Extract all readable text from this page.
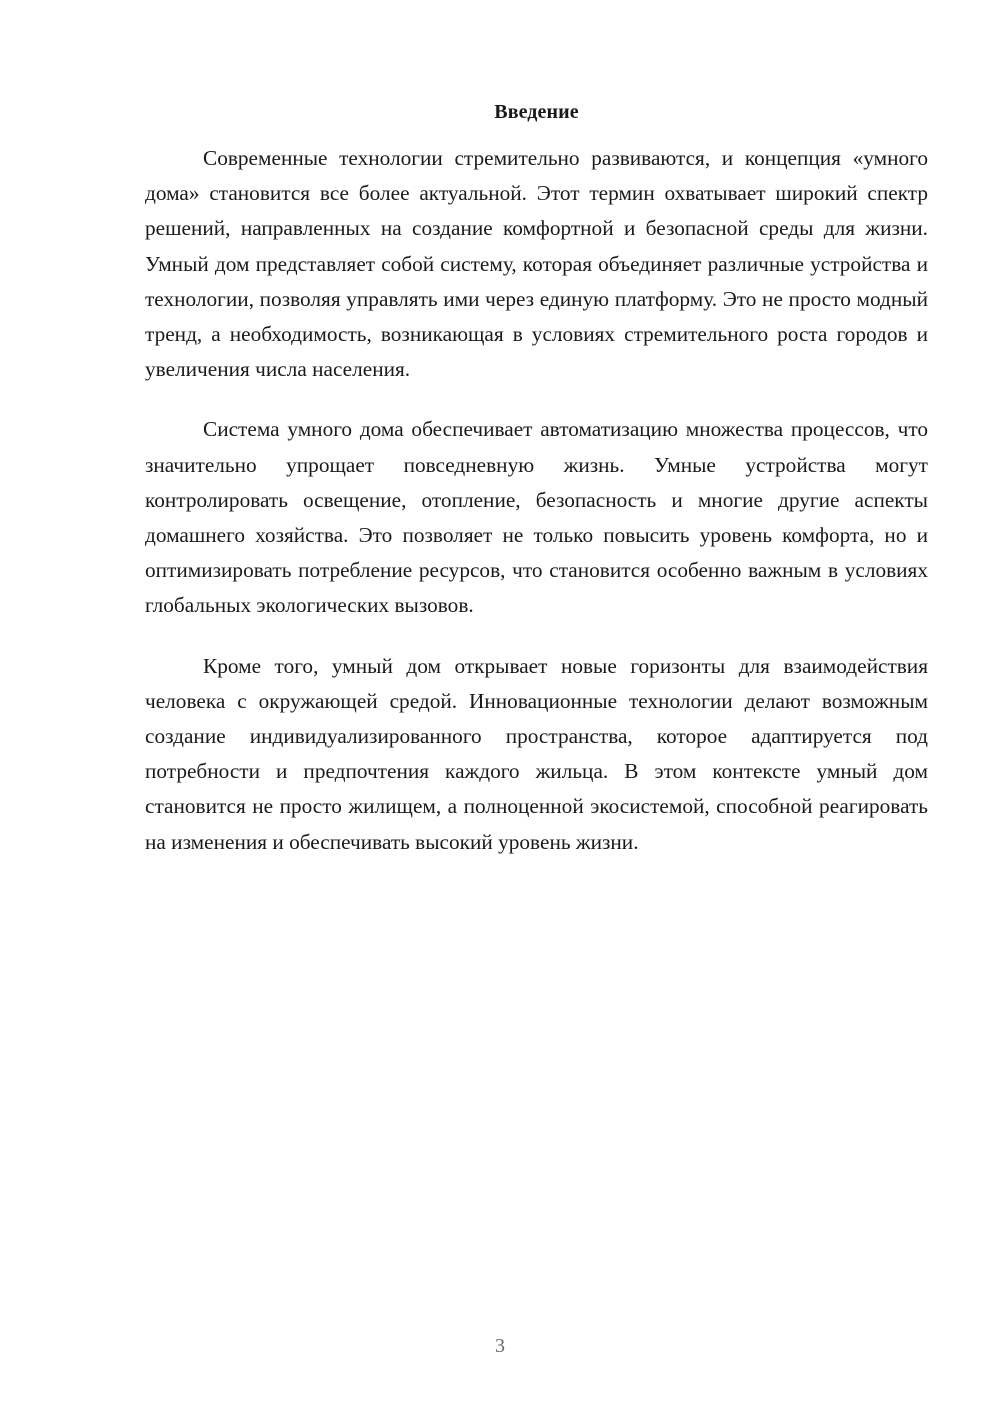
Введение

Современные технологии стремительно развиваются, и концепция «умного дома» становится все более актуальной. Этот термин охватывает широкий спектр решений, направленных на создание комфортной и безопасной среды для жизни. Умный дом представляет собой систему, которая объединяет различные устройства и технологии, позволяя управлять ими через единую платформу. Это не просто модный тренд, а необходимость, возникающая в условиях стремительного роста городов и увеличения числа населения.

Система умного дома обеспечивает автоматизацию множества процессов, что значительно упрощает повседневную жизнь. Умные устройства могут контролировать освещение, отопление, безопасность и многие другие аспекты домашнего хозяйства. Это позволяет не только повысить уровень комфорта, но и оптимизировать потребление ресурсов, что становится особенно важным в условиях глобальных экологических вызовов.

Кроме того, умный дом открывает новые горизонты для взаимодействия человека с окружающей средой. Инновационные технологии делают возможным создание индивидуализированного пространства, которое адаптируется под потребности и предпочтения каждого жильца. В этом контексте умный дом становится не просто жилищем, а полноценной экосистемой, способной реагировать на изменения и обеспечивать высокий уровень жизни.

3
